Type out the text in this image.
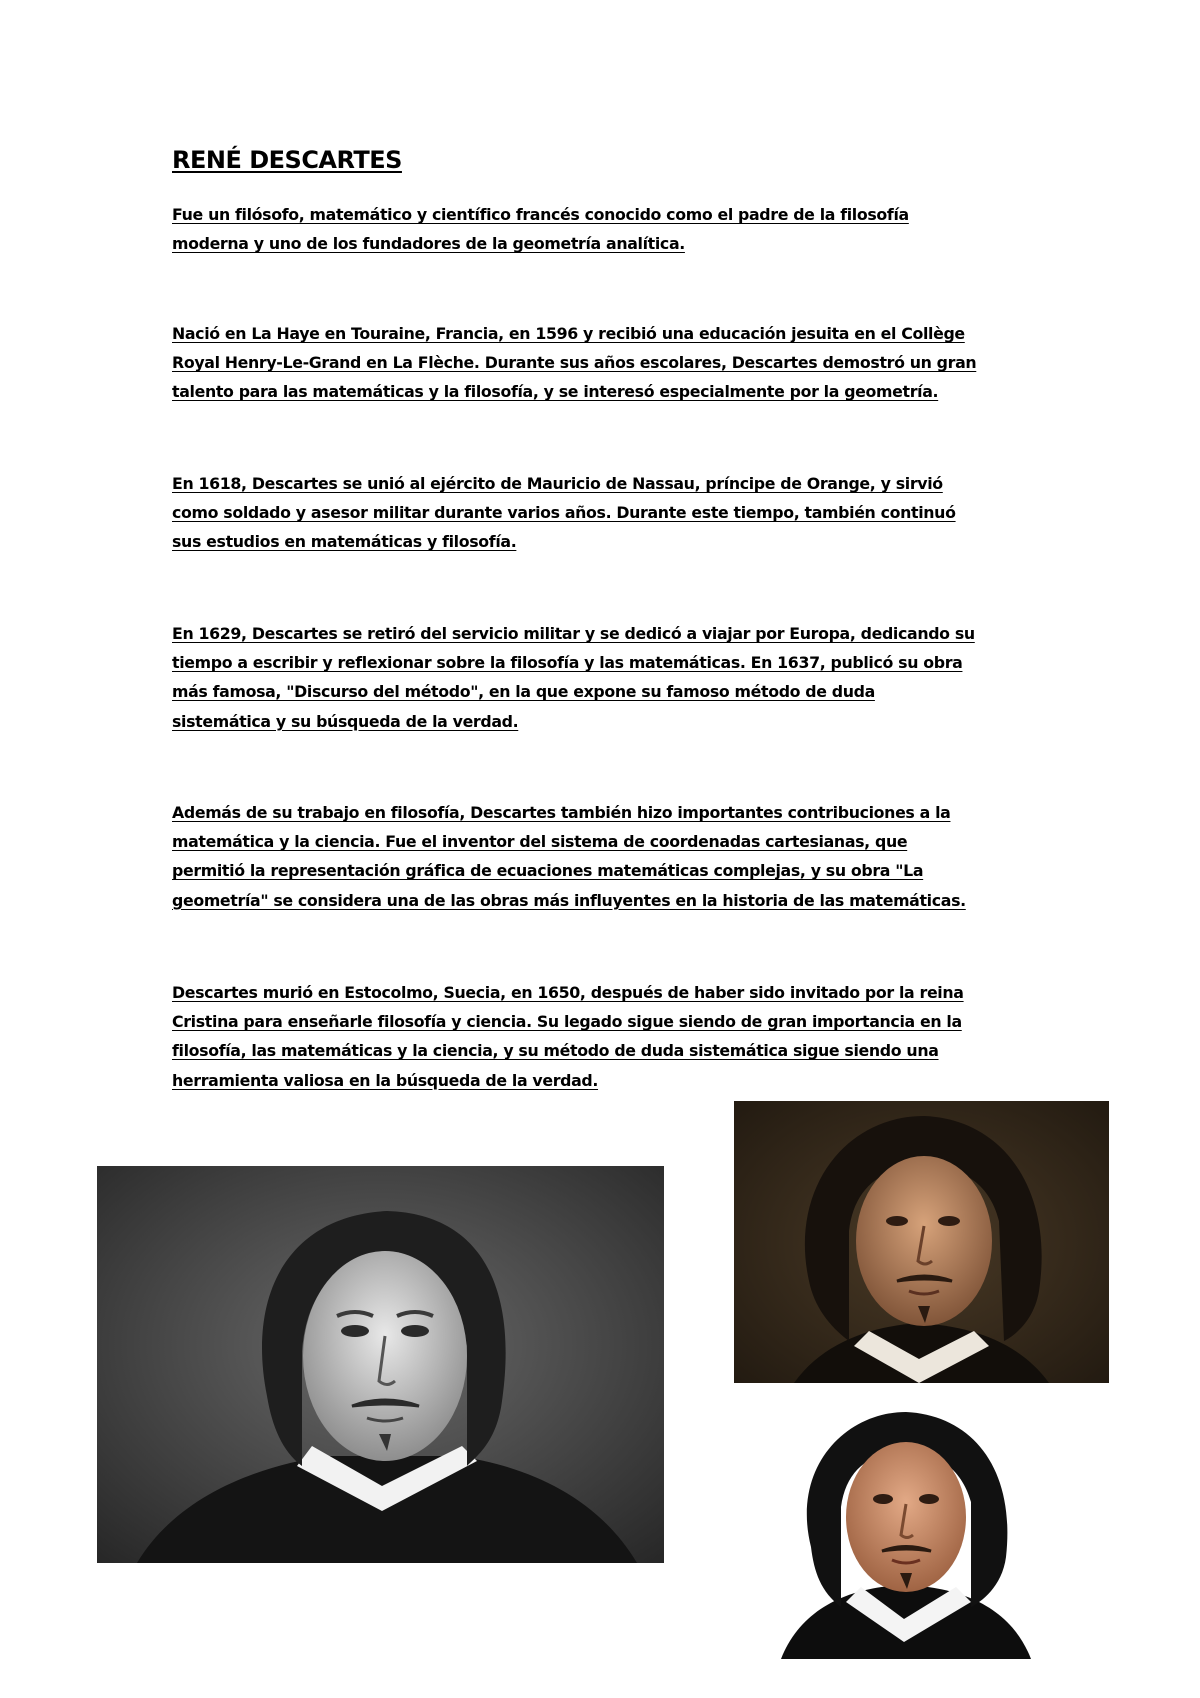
RENÉ DESCARTES

Fue un filósofo, matemático y científico francés conocido como el padre de la filosofía
moderna y uno de los fundadores de la geometría analítica.

Nació en La Haye en Touraine, Francia, en 1596 y recibió una educación jesuita en el Collège
Royal Henry-Le-Grand en La Flèche. Durante sus años escolares, Descartes demostró un gran
talento para las matemáticas y la filosofía, y se interesó especialmente por la geometría.

En 1618, Descartes se unió al ejército de Mauricio de Nassau, príncipe de Orange, y sirvió
como soldado y asesor militar durante varios años. Durante este tiempo, también continuó
sus estudios en matemáticas y filosofía.

En 1629, Descartes se retiró del servicio militar y se dedicó a viajar por Europa, dedicando su
tiempo a escribir y reflexionar sobre la filosofía y las matemáticas. En 1637, publicó su obra
más famosa, "Discurso del método", en la que expone su famoso método de duda
sistemática y su búsqueda de la verdad.

Además de su trabajo en filosofía, Descartes también hizo importantes contribuciones a la
matemática y la ciencia. Fue el inventor del sistema de coordenadas cartesianas, que
permitió la representación gráfica de ecuaciones matemáticas complejas, y su obra "La
geometría" se considera una de las obras más influyentes en la historia de las matemáticas.

Descartes murió en Estocolmo, Suecia, en 1650, después de haber sido invitado por la reina
Cristina para enseñarle filosofía y ciencia. Su legado sigue siendo de gran importancia en la
filosofía, las matemáticas y la ciencia, y su método de duda sistemática sigue siendo una
herramienta valiosa en la búsqueda de la verdad.
